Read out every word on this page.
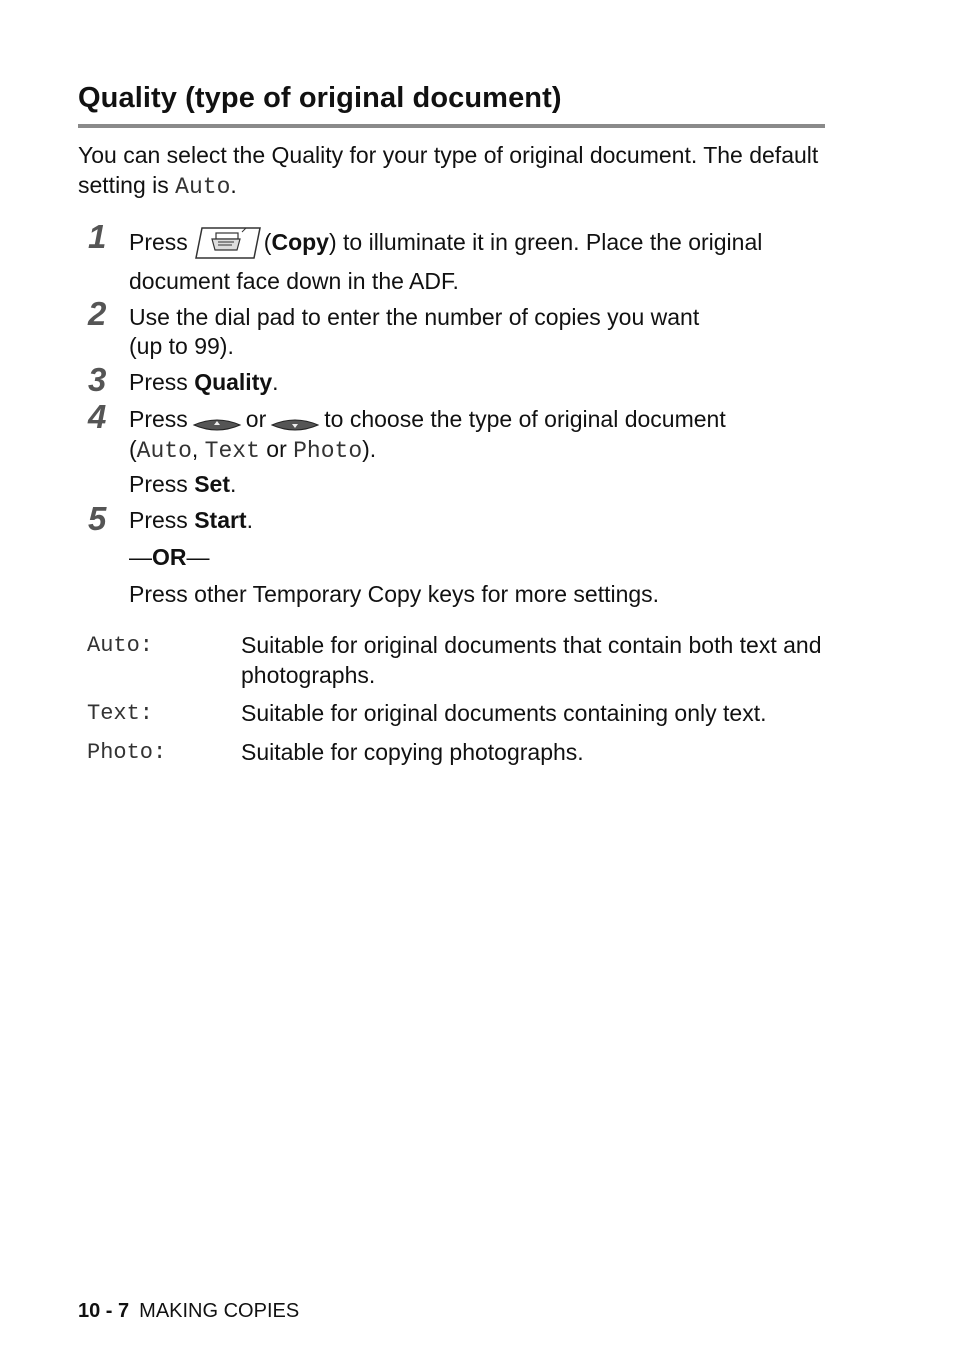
Quality (type of original document)
You can select the Quality for your type of original document. The default setting is Auto.
1 Press	(Copy) to illuminate it in green. Place the original
document face down in the ADF.
2 Use the dial pad to enter the number of copies you want
(up to 99).
3 Press Quality.
4 Press	or	to choose the type of original document
(Auto, Text or Photo).
Press Set.
5 Press Start.
—OR—
Press other Temporary Copy keys for more settings.
Auto:	Suitable for original documents that contain both text and photographs.
Text:	Suitable for original documents containing only text.
Photo:	Suitable for copying photographs.
10 - 7 MAKING COPIES
